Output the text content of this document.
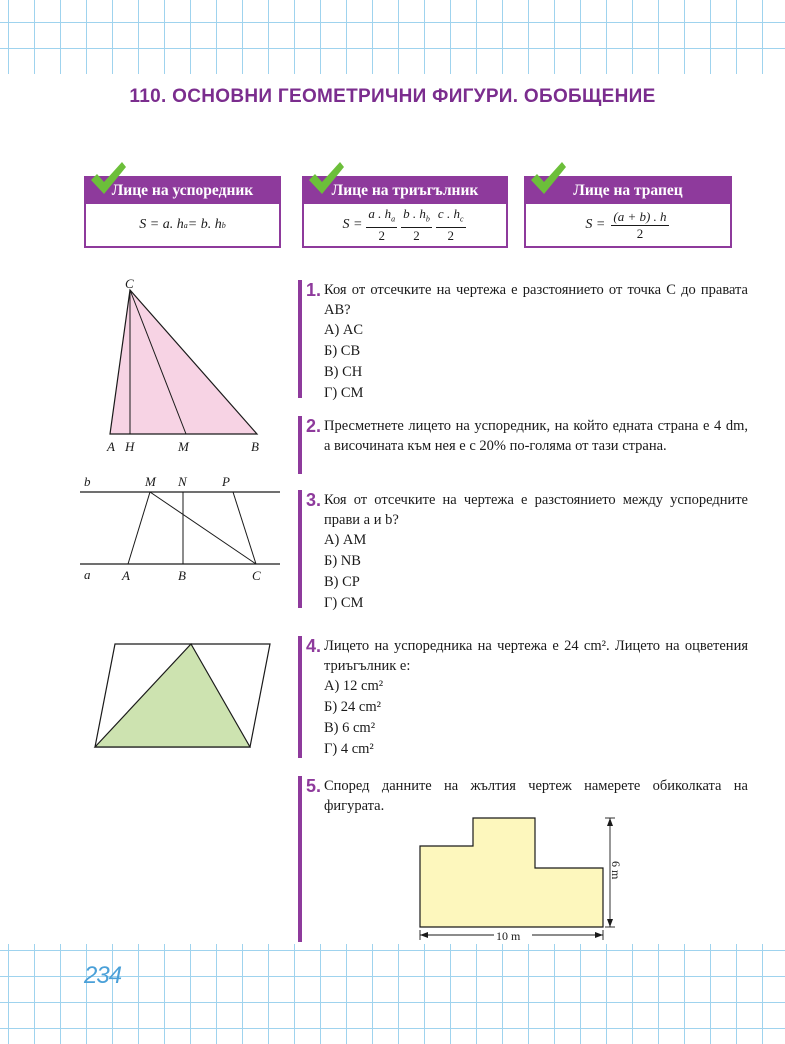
234
110. ОСНОВНИ ГЕОМЕТРИЧНИ ФИГУРИ. ОБОБЩЕНИЕ
Лице на успоредник
S = a. h a = b. h b
Лице на триъгълник
$S = \frac{a . h_a}{2} \frac{b . h_b}{2} \frac{c . h_c}{2}$
Лице на трапец
$S = \frac{(a + b) . h}{2}$
C
A H	M	B
b	M N	P
a A	B	C
6 m
10 m
1. Коя от отсечките на чертежа е разстоянието от точка C до правата AB?
А) AC
Б) CB
В) CH
Г) CM
2. Пресметнете лицето на успоредник, на който едната страна е 4 dm, а височината към нея е с 20% по-голяма от тази страна.
3. Коя от отсечките на чертежа е разстоянието между успоредните прави a и b?
А) AM
Б) NB
В) CP
Г) CM
4. Лицето на успоредника на чертежа е 24 cm². Лицето на оцветения триъгълник е:
А) 12 cm²
Б) 24 cm²
В) 6 cm²
Г) 4 cm²
5. Според данните на жълтия чертеж намерете обиколката на фигурата.
